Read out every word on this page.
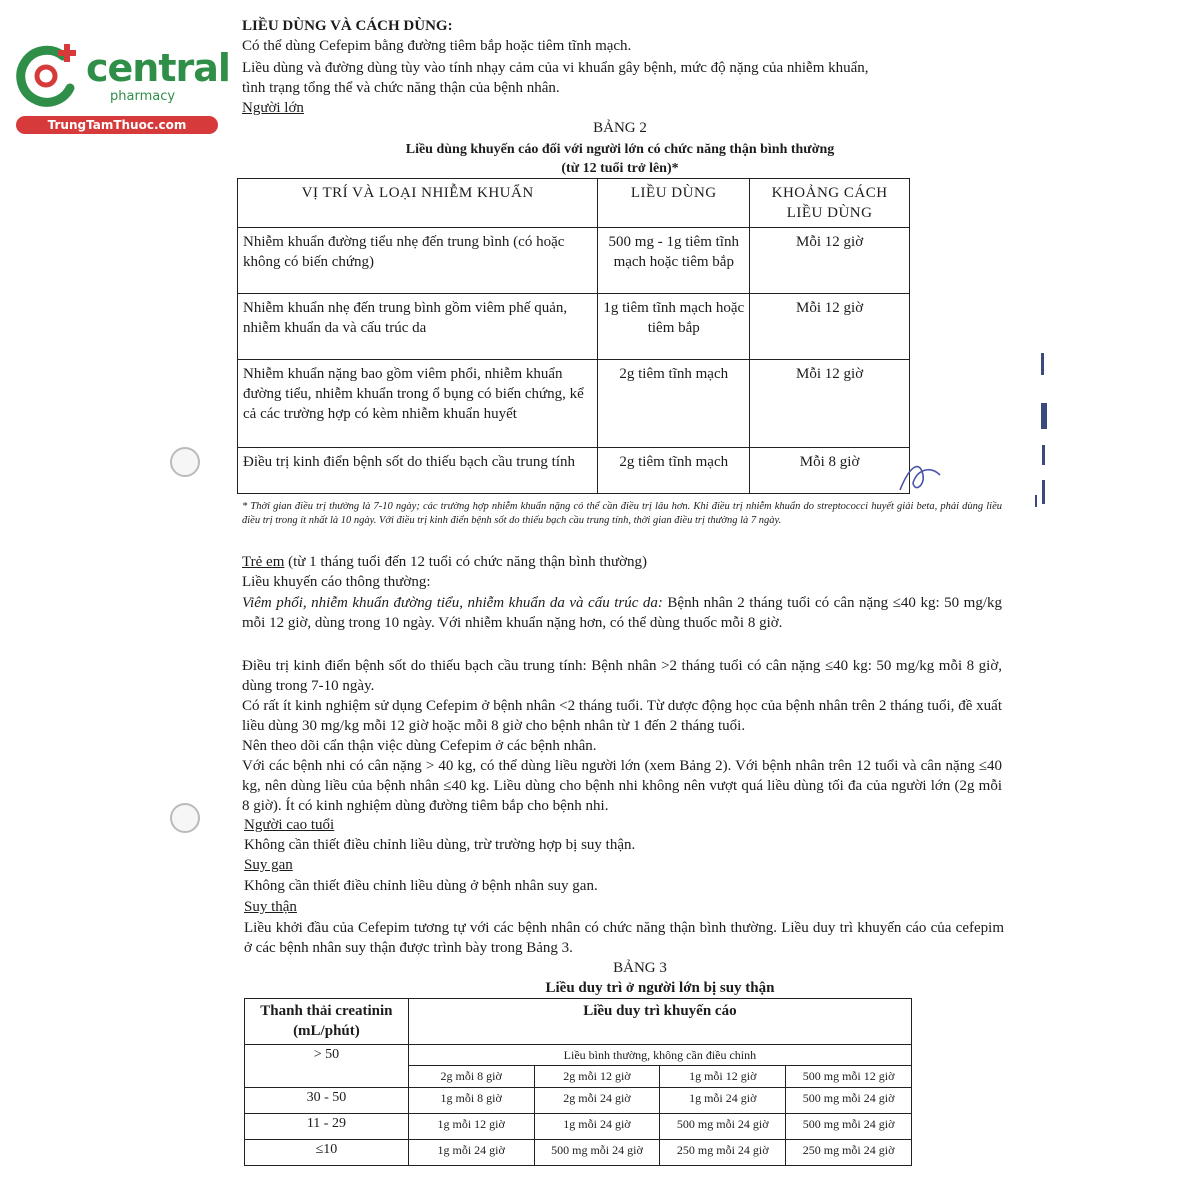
central
pharmacy
TrungTamThuoc.com
LIỀU DÙNG VÀ CÁCH DÙNG:
Có thể dùng Cefepim bằng đường tiêm bắp hoặc tiêm tĩnh mạch.
Liều dùng và đường dùng tùy vào tính nhạy cảm của vi khuẩn gây bệnh, mức độ nặng của nhiễm khuẩn,
tình trạng tổng thể và chức năng thận của bệnh nhân.
Người lớn
BẢNG 2
Liều dùng khuyến cáo đối với người lớn có chức năng thận bình thường
(từ 12 tuổi trở lên)*
VỊ TRÍ VÀ LOẠI NHIỄM KHUẨN	LIỀU DÙNG	KHOẢNG CÁCH LIỀU DÙNG
Nhiễm khuẩn đường tiểu nhẹ đến trung bình (có hoặc không có biến chứng)	500 mg - 1g tiêm tĩnh mạch hoặc tiêm bắp	Mỗi 12 giờ
Nhiễm khuẩn nhẹ đến trung bình gồm viêm phế quản, nhiễm khuẩn da và cấu trúc da	1g tiêm tĩnh mạch hoặc tiêm bắp	Mỗi 12 giờ
Nhiễm khuẩn nặng bao gồm viêm phổi, nhiễm khuẩn đường tiểu, nhiễm khuẩn trong ổ bụng có biến chứng, kể cả các trường hợp có kèm nhiễm khuẩn huyết	2g tiêm tĩnh mạch	Mỗi 12 giờ
Điều trị kinh điển bệnh sốt do thiếu bạch cầu trung tính	2g tiêm tĩnh mạch	Mỗi 8 giờ
* Thời gian điều trị thường là 7-10 ngày; các trường hợp nhiễm khuẩn nặng có thể cần điều trị lâu hơn. Khi điều trị nhiễm khuẩn do streptococci huyết giải beta, phải dùng liều điều trị trong ít nhất là 10 ngày. Với điều trị kinh điển bệnh sốt do thiếu bạch cầu trung tính, thời gian điều trị thường là 7 ngày.
Trẻ em (từ 1 tháng tuổi đến 12 tuổi có chức năng thận bình thường)
Liều khuyến cáo thông thường:
Viêm phổi, nhiễm khuẩn đường tiểu, nhiễm khuẩn da và cấu trúc da: Bệnh nhân 2 tháng tuổi có cân nặng ≤40 kg: 50 mg/kg mỗi 12 giờ, dùng trong 10 ngày. Với nhiễm khuẩn nặng hơn, có thể dùng thuốc mỗi 8 giờ.
Điều trị kinh điển bệnh sốt do thiếu bạch cầu trung tính: Bệnh nhân >2 tháng tuổi có cân nặng ≤40 kg: 50 mg/kg mỗi 8 giờ, dùng trong 7-10 ngày.
Có rất ít kinh nghiệm sử dụng Cefepim ở bệnh nhân <2 tháng tuổi. Từ dược động học của bệnh nhân trên 2 tháng tuổi, đề xuất liều dùng 30 mg/kg mỗi 12 giờ hoặc mỗi 8 giờ cho bệnh nhân từ 1 đến 2 tháng tuổi.
Nên theo dõi cẩn thận việc dùng Cefepim ở các bệnh nhân.
Với các bệnh nhi có cân nặng > 40 kg, có thể dùng liều người lớn (xem Bảng 2). Với bệnh nhân trên 12 tuổi và cân nặng ≤40 kg, nên dùng liều của bệnh nhân ≤40 kg. Liều dùng cho bệnh nhi không nên vượt quá liều dùng tối đa của người lớn (2g mỗi 8 giờ). Ít có kinh nghiệm dùng đường tiêm bắp cho bệnh nhi.
Người cao tuổi
Không cần thiết điều chỉnh liều dùng, trừ trường hợp bị suy thận.
Suy gan
Không cần thiết điều chỉnh liều dùng ở bệnh nhân suy gan.
Suy thận
Liều khởi đầu của Cefepim tương tự với các bệnh nhân có chức năng thận bình thường. Liều duy trì khuyến cáo của cefepim ở các bệnh nhân suy thận được trình bày trong Bảng 3.
BẢNG 3
Liều duy trì ở người lớn bị suy thận
Thanh thải creatinin (mL/phút)	Liều duy trì khuyến cáo			
> 50	Liều bình thường, không cần điều chỉnh			
	2g mỗi 8 giờ	2g mỗi 12 giờ	1g mỗi 12 giờ	500 mg mỗi 12 giờ
30 - 50	1g mỗi 8 giờ	2g mỗi 24 giờ	1g mỗi 24 giờ	500 mg mỗi 24 giờ
11 - 29	1g mỗi 12 giờ	1g mỗi 24 giờ	500 mg mỗi 24 giờ	500 mg mỗi 24 giờ
≤10	1g mỗi 24 giờ	500 mg mỗi 24 giờ	250 mg mỗi 24 giờ	250 mg mỗi 24 giờ
